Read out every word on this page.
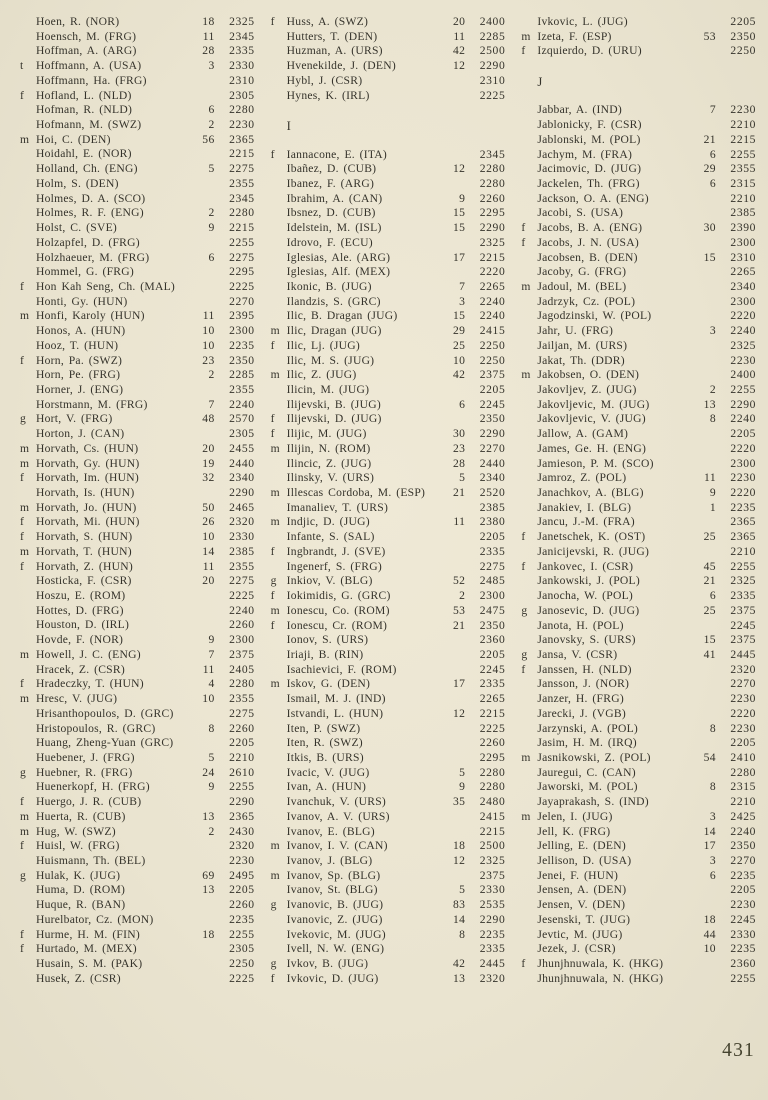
Hoen, R. (NOR)	18	2325
Hoensch, M. (FRG)	11	2345
Hoffman, A. (ARG)	28	2335
t	Hoffmann, A. (USA)	3	2330
Hoffmann, Ha. (FRG)	2310
f	Hofland, L. (NLD)	2305
Hofman, R. (NLD)	6	2280
Hofmann, M. (SWZ)	2	2230
m Hoi, C. (DEN)	56	2365
Hoidahl, E. (NOR)	2215
Holland, Ch. (ENG)	5	2275
Holm, S. (DEN)	2355
Holmes, D. A. (SCO)	2345
Holmes, R. F. (ENG)	2	2280
Holst, C. (SVE)	9	2215
Holzapfel, D. (FRG)	2255
Holzhaeuer, M. (FRG)	6	2275
Hommel, G. (FRG)	2295
f	Hon Kah Seng, Ch. (MAL)	2225
Honti, Gy. (HUN)	2270
m Honfi, Karoly (HUN)	11	2395
Honos, A. (HUN)	10	2300
Hooz, T. (HUN)	10	2235
f	Horn, Pa. (SWZ)	23	2350
Horn, Pe. (FRG)	2	2285
Horner, J. (ENG)	2355
Horstmann, M. (FRG)	7	2240
g Hort, V. (FRG)	48	2570
Horton, J. (CAN)	2305
m Horvath, Cs. (HUN)	20	2455
m Horvath, Gy. (HUN)	19	2440
f	Horvath, Im. (HUN)	32	2340
Horvath, Is. (HUN)	2290
m Horvath, Jo. (HUN)	50	2465
f	Horvath, Mi. (HUN)	26	2320
f	Horvath, S. (HUN)	10	2330
m Horvath, T. (HUN)	14	2385
f	Horvath, Z. (HUN)	11	2355
Hosticka, F. (CSR)	20	2275
Hoszu, E. (ROM)	2225
Hottes, D. (FRG)	2240
Houston, D. (IRL)	2260
Hovde, F. (NOR)	9	2300
m Howell, J. C. (ENG)	7	2375
Hracek, Z. (CSR)	11	2405
f	Hradeczky, T. (HUN)	4	2280
m Hresc, V. (JUG)	10	2355
Hrisanthopoulos, D. (GRC)	2275
Hristopoulos, R. (GRC)	8	2260
Huang, Zheng-Yuan (GRC)	2205
Huebener, J. (FRG)	5	2210
g Huebner, R. (FRG)	24	2610
Huenerkopf, H. (FRG)	9	2255
f	Huergo, J. R. (CUB)	2290
m Huerta, R. (CUB)	13	2365
m Hug, W. (SWZ)	2	2430
f	Huisl, W. (FRG)	2320
Huismann, Th. (BEL)	2230
g Hulak, K. (JUG)	69	2495
Huma, D. (ROM)	13	2205
Huque, R. (BAN)	2260
Hurelbator, Cz. (MON)	2235
f	Hurme, H. M. (FIN)	18	2255
f	Hurtado, M. (MEX)	2305
Husain, S. M. (PAK)	2250
Husek, Z. (CSR)	2225
f	Huss, A. (SWZ)	20	2400
Hutters, T. (DEN)	11	2285
Huzman, A. (URS)	42	2500
Hvenekilde, J. (DEN)	12	2290
Hybl, J. (CSR)	2310
Hynes, K. (IRL)	2225
I
f	Iannacone, E. (ITA)	2345
Ibañez, D. (CUB)	12	2280
Ibanez, F. (ARG)	2280
Ibrahim, A. (CAN)	9	2260
Ibsnez, D. (CUB)	15	2295
Idelstein, M. (ISL)	15	2290
Idrovo, F. (ECU)	2325
Iglesias, Ale. (ARG)	17	2215
Iglesias, Alf. (MEX)	2220
Ikonic, B. (JUG)	7	2265
Ilandzis, S. (GRC)	3	2240
Ilic, B. Dragan (JUG)	15	2240
m Ilic, Dragan (JUG)	29	2415
f	Ilic, Lj. (JUG)	25	2250
Ilic, M. S. (JUG)	10	2250
m Ilic, Z. (JUG)	42	2375
Ilicin, M. (JUG)	2205
Ilijevski, B. (JUG)	6	2245
f	Ilijevski, D. (JUG)	2350
f	Ilijic, M. (JUG)	30	2290
m Ilijin, N. (ROM)	23	2270
Ilincic, Z. (JUG)	28	2440
Ilinsky, V. (URS)	5	2340
m Illescas Cordoba, M. (ESP)	21	2520
Imanaliev, T. (URS)	2385
m Indjic, D. (JUG)	11	2380
Infante, S. (SAL)	2205
f	Ingbrandt, J. (SVE)	2335
Ingenerf, S. (FRG)	2275
g Inkiov, V. (BLG)	52	2485
f	Iokimidis, G. (GRC)	2	2300
m Ionescu, Co. (ROM)	53	2475
f	Ionescu, Cr. (ROM)	21	2350
Ionov, S. (URS)	2360
Iriaji, B. (RIN)	2205
Isachievici, F. (ROM)	2245
m Iskov, G. (DEN)	17	2335
Ismail, M. J. (IND)	2265
Istvandi, L. (HUN)	12	2215
Iten, P. (SWZ)	2225
Iten, R. (SWZ)	2260
Itkis, B. (URS)	2295
Ivacic, V. (JUG)	5	2280
Ivan, A. (HUN)	9	2280
Ivanchuk, V. (URS)	35	2480
Ivanov, A. V. (URS)	2415
Ivanov, E. (BLG)	2215
m Ivanov, I. V. (CAN)	18	2500
Ivanov, J. (BLG)	12	2325
m Ivanov, Sp. (BLG)	2375
Ivanov, St. (BLG)	5	2330
g Ivanovic, B. (JUG)	83	2535
Ivanovic, Z. (JUG)	14	2290
Ivekovic, M. (JUG)	8	2235
Ivell, N. W. (ENG)	2335
g Ivkov, B. (JUG)	42	2445
f	Ivkovic, D. (JUG)	13	2320
Ivkovic, L. (JUG)	2205
m Izeta, F. (ESP)	53	2350
f	Izquierdo, D. (URU)	2250
J
Jabbar, A. (IND)	7	2230
Jablonicky, F. (CSR)	2210
Jablonski, M. (POL)	21	2215
Jachym, M. (FRA)	6	2255
Jacimovic, D. (JUG)	29	2355
Jackelen, Th. (FRG)	6	2315
Jackson, O. A. (ENG)	2210
Jacobi, S. (USA)	2385
f	Jacobs, B. A. (ENG)	30	2390
f	Jacobs, J. N. (USA)	2300
Jacobsen, B. (DEN)	15	2310
Jacoby, G. (FRG)	2265
m Jadoul, M. (BEL)	2340
Jadrzyk, Cz. (POL)	2300
Jagodzinski, W. (POL)	2220
Jahr, U. (FRG)	3	2240
Jailjan, M. (URS)	2325
Jakat, Th. (DDR)	2230
m Jakobsen, O. (DEN)	2400
Jakovljev, Z. (JUG)	2	2255
Jakovljevic, M. (JUG)	13	2290
Jakovljevic, V. (JUG)	8	2240
Jallow, A. (GAM)	2205
James, Ge. H. (ENG)	2220
Jamieson, P. M. (SCO)	2300
Jamroz, Z. (POL)	11	2230
Janachkov, A. (BLG)	9	2220
Janakiev, I. (BLG)	1	2235
Jancu, J.-M. (FRA)	2365
f	Janetschek, K. (OST)	25	2365
Janicijevski, R. (JUG)	2210
f	Jankovec, I. (CSR)	45	2255
Jankowski, J. (POL)	21	2325
Janocha, W. (POL)	6	2335
g Janosevic, D. (JUG)	25	2375
Janota, H. (POL)	2245
Janovsky, S. (URS)	15	2375
g Jansa, V. (CSR)	41	2445
f	Janssen, H. (NLD)	2320
Jansson, J. (NOR)	2270
Janzer, H. (FRG)	2230
Jarecki, J. (VGB)	2220
Jarzynski, A. (POL)	8	2230
Jasim, H. M. (IRQ)	2205
m Jasnikowski, Z. (POL)	54	2410
Jauregui, C. (CAN)	2280
Jaworski, M. (POL)	8	2315
Jayaprakash, S. (IND)	2210
m Jelen, I. (JUG)	3	2425
Jell, K. (FRG)	14	2240
Jelling, E. (DEN)	17	2350
Jellison, D. (USA)	3	2270
Jenei, F. (HUN)	6	2235
Jensen, A. (DEN)	2205
Jensen, V. (DEN)	2230
Jesenski, T. (JUG)	18	2245
Jevtic, M. (JUG)	44	2330
Jezek, J. (CSR)	10	2235
f	Jhunjhnuwala, K. (HKG)	2360
Jhunjhnuwala, N. (HKG)	2255
431
